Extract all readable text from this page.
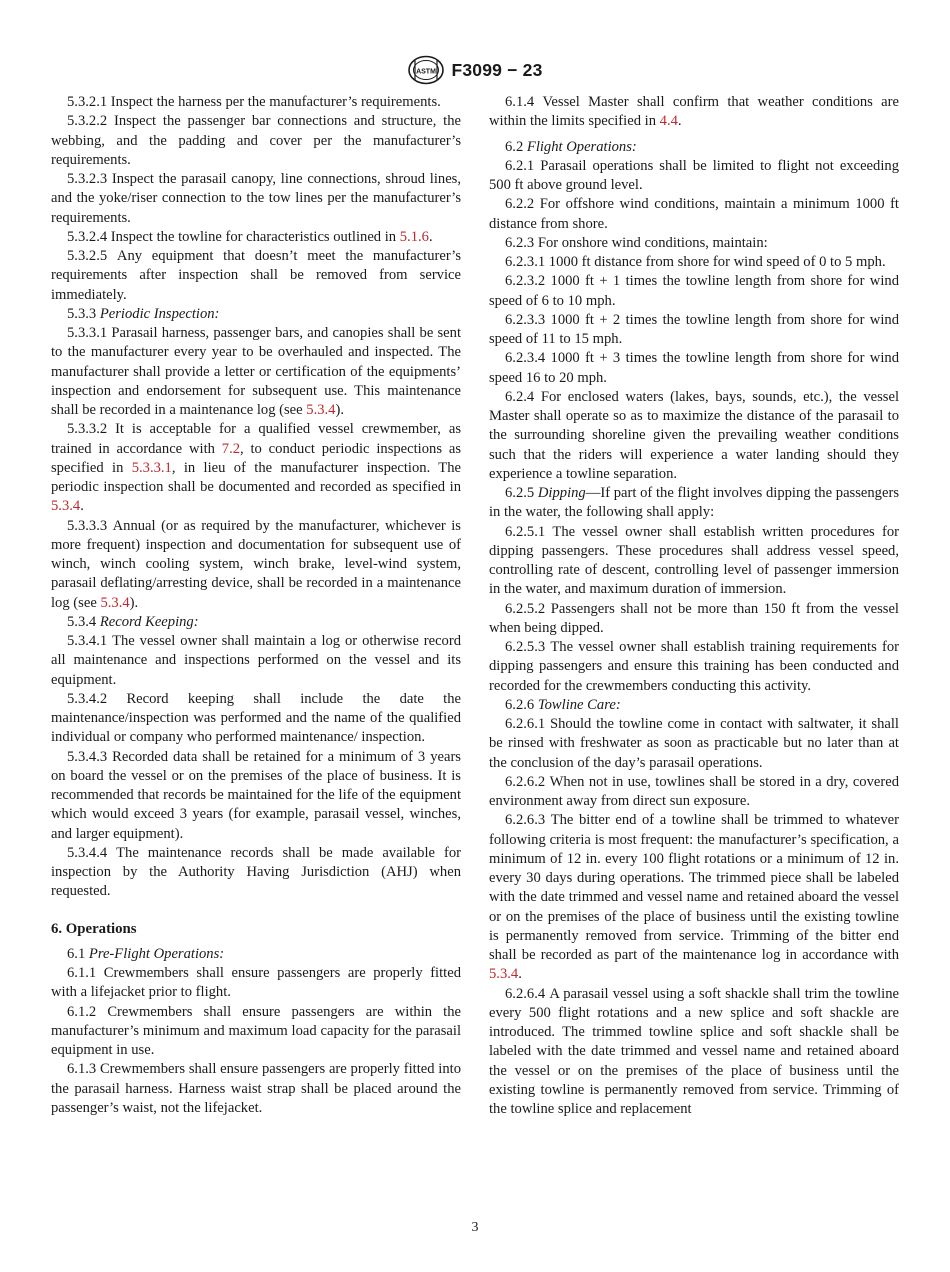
ASTM F3099 − 23

5.3.2.1 Inspect the harness per the manufacturer’s requirements.

5.3.2.2 Inspect the passenger bar connections and structure, the webbing, and the padding and cover per the manufacturer’s requirements.

5.3.2.3 Inspect the parasail canopy, line connections, shroud lines, and the yoke/riser connection to the tow lines per the manufacturer’s requirements.

5.3.2.4 Inspect the towline for characteristics outlined in 5.1.6.

5.3.2.5 Any equipment that doesn’t meet the manufacturer’s requirements after inspection shall be removed from service immediately.

5.3.3 Periodic Inspection:

5.3.3.1 Parasail harness, passenger bars, and canopies shall be sent to the manufacturer every year to be overhauled and inspected. The manufacturer shall provide a letter or certification of the equipments’ inspection and endorsement for subsequent use. This maintenance shall be recorded in a maintenance log (see 5.3.4).

5.3.3.2 It is acceptable for a qualified vessel crewmember, as trained in accordance with 7.2, to conduct periodic inspections as specified in 5.3.3.1, in lieu of the manufacturer inspection. The periodic inspection shall be documented and recorded as specified in 5.3.4.

5.3.3.3 Annual (or as required by the manufacturer, whichever is more frequent) inspection and documentation for subsequent use of winch, winch cooling system, winch brake, level-wind system, parasail deflating/arresting device, shall be recorded in a maintenance log (see 5.3.4).

5.3.4 Record Keeping:

5.3.4.1 The vessel owner shall maintain a log or otherwise record all maintenance and inspections performed on the vessel and its equipment.

5.3.4.2 Record keeping shall include the date the maintenance/inspection was performed and the name of the qualified individual or company who performed maintenance/ inspection.

5.3.4.3 Recorded data shall be retained for a minimum of 3 years on board the vessel or on the premises of the place of business. It is recommended that records be maintained for the life of the equipment which would exceed 3 years (for example, parasail vessel, winches, and larger equipment).

5.3.4.4 The maintenance records shall be made available for inspection by the Authority Having Jurisdiction (AHJ) when requested.

6. Operations

6.1 Pre-Flight Operations:

6.1.1 Crewmembers shall ensure passengers are properly fitted with a lifejacket prior to flight.

6.1.2 Crewmembers shall ensure passengers are within the manufacturer’s minimum and maximum load capacity for the parasail equipment in use.

6.1.3 Crewmembers shall ensure passengers are properly fitted into the parasail harness. Harness waist strap shall be placed around the passenger’s waist, not the lifejacket.

6.1.4 Vessel Master shall confirm that weather conditions are within the limits specified in 4.4.

6.2 Flight Operations:

6.2.1 Parasail operations shall be limited to flight not exceeding 500 ft above ground level.

6.2.2 For offshore wind conditions, maintain a minimum 1000 ft distance from shore.

6.2.3 For onshore wind conditions, maintain:

6.2.3.1 1000 ft distance from shore for wind speed of 0 to 5 mph.

6.2.3.2 1000 ft + 1 times the towline length from shore for wind speed of 6 to 10 mph.

6.2.3.3 1000 ft + 2 times the towline length from shore for wind speed of 11 to 15 mph.

6.2.3.4 1000 ft + 3 times the towline length from shore for wind speed 16 to 20 mph.

6.2.4 For enclosed waters (lakes, bays, sounds, etc.), the vessel Master shall operate so as to maximize the distance of the parasail to the surrounding shoreline given the prevailing weather conditions such that the riders will experience a water landing should they experience a towline separation.

6.2.5 Dipping—If part of the flight involves dipping the passengers in the water, the following shall apply:

6.2.5.1 The vessel owner shall establish written procedures for dipping passengers. These procedures shall address vessel speed, controlling rate of descent, controlling level of passenger immersion in the water, and maximum duration of immersion.

6.2.5.2 Passengers shall not be more than 150 ft from the vessel when being dipped.

6.2.5.3 The vessel owner shall establish training requirements for dipping passengers and ensure this training has been conducted and recorded for the crewmembers conducting this activity.

6.2.6 Towline Care:

6.2.6.1 Should the towline come in contact with saltwater, it shall be rinsed with freshwater as soon as practicable but no later than at the conclusion of the day’s parasail operations.

6.2.6.2 When not in use, towlines shall be stored in a dry, covered environment away from direct sun exposure.

6.2.6.3 The bitter end of a towline shall be trimmed to whatever following criteria is most frequent: the manufacturer’s specification, a minimum of 12 in. every 100 flight rotations or a minimum of 12 in. every 30 days during operations. The trimmed piece shall be labeled with the date trimmed and vessel name and retained aboard the vessel or on the premises of the place of business until the existing towline is permanently removed from service. Trimming of the bitter end shall be recorded as part of the maintenance log in accordance with 5.3.4.

6.2.6.4 A parasail vessel using a soft shackle shall trim the towline every 500 flight rotations and a new splice and soft shackle are introduced. The trimmed towline splice and soft shackle shall be labeled with the date trimmed and vessel name and retained aboard the vessel or on the premises of the place of business until the existing towline is permanently removed from service. Trimming of the towline splice and replacement

3
